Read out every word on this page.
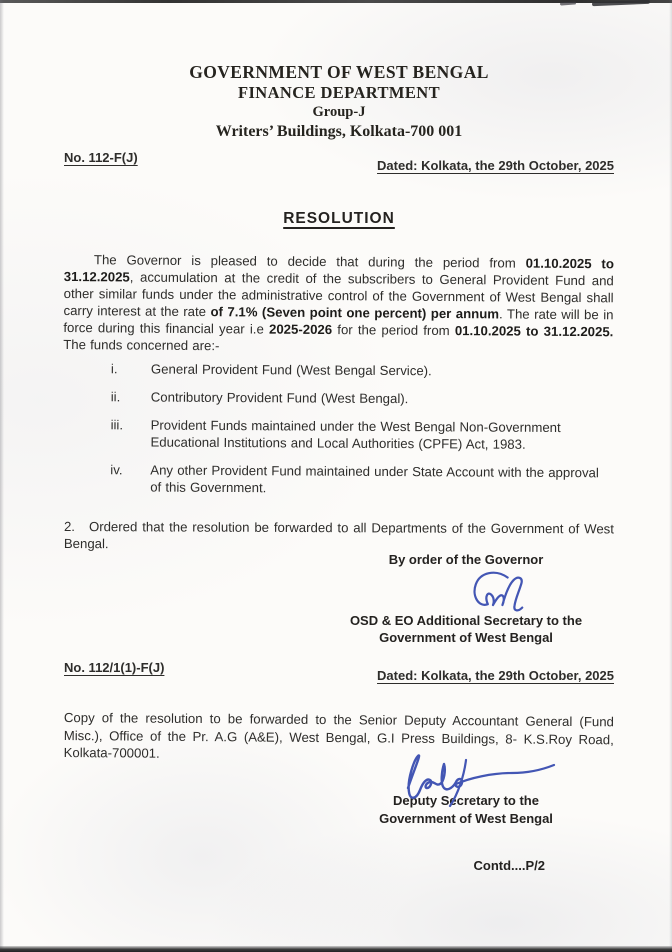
GOVERNMENT OF WEST BENGAL
FINANCE DEPARTMENT
Group-J
Writers’ Buildings, Kolkata-700 001
No. 112-F(J)
Dated: Kolkata, the 29th October, 2025
RESOLUTION

The Governor is pleased to decide that during the period from 01.10.2025 to 31.12.2025, accumulation at the credit of the subscribers to General Provident Fund and other similar funds under the administrative control of the Government of West Bengal shall carry interest at the rate of 7.1% (Seven point one percent) per annum. The rate will be in force during this financial year i.e 2025-2026 for the period from 01.10.2025 to 31.12.2025. The funds concerned are:-

i.	General Provident Fund (West Bengal Service).
ii.	Contributory Provident Fund (West Bengal).
iii.	Provident Funds maintained under the West Bengal Non-Government Educational Institutions and Local Authorities (CPFE) Act, 1983.
iv.	Any other Provident Fund maintained under State Account with the approval of this Government.

2. Ordered that the resolution be forwarded to all Departments of the Government of West Bengal.

By order of the Governor
OSD & EO Additional Secretary to the
Government of West Bengal
No. 112/1(1)-F(J)
Dated: Kolkata, the 29th October, 2025

Copy of the resolution to be forwarded to the Senior Deputy Accountant General (Fund Misc.), Office of the Pr. A.G (A&E), West Bengal, G.I Press Buildings, 8- K.S.Roy Road, Kolkata-700001.

Deputy Secretary to the
Government of West Bengal
Contd....P/2
